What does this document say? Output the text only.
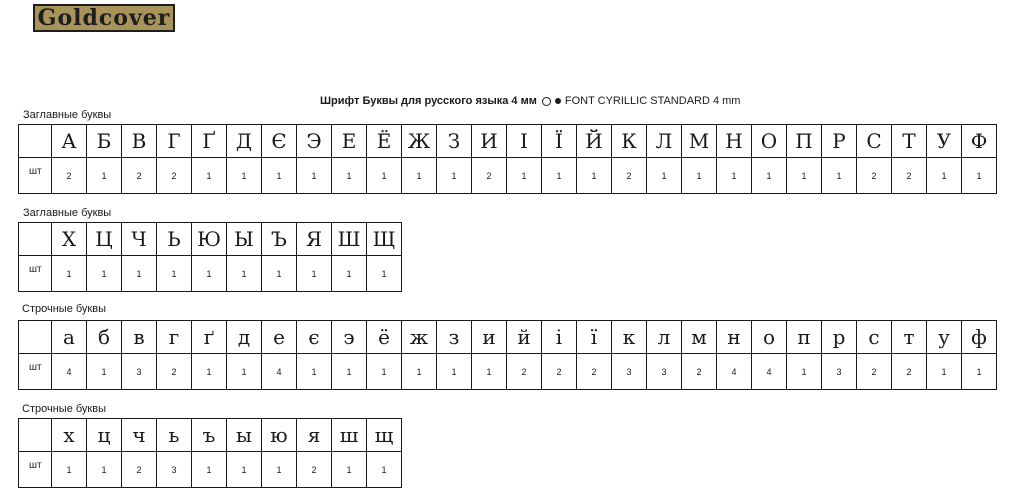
Goldcover
Шрифт Буквы для русского языка 4 мм	FONT CYRILLIC STANDARD 4 mm
Заглавные буквы
	А	Б	В	Г	Ґ	Д	Є	Э	Е	Ё	Ж	З	И	І	Ї	Й	К	Л	М	Н	О	П	Р	С	Т	У	Ф
шт	2	1	2	2	1	1	1	1	1	1	1	1	2	1	1	1	2	1	1	1	1	1	1	2	2	1	1
Заглавные буквы
	Х	Ц	Ч	Ь	Ю	Ы	Ъ	Я	Ш	Щ
шт	1	1	1	1	1	1	1	1	1	1
Строчные буквы
	а	б	в	г	ґ	д	е	є	э	ё	ж	з	и	й	і	ї	к	л	м	н	о	п	р	с	т	у	ф
шт	4	1	3	2	1	1	4	1	1	1	1	1	1	2	2	2	3	3	2	4	4	1	3	2	2	1	1
Строчные буквы
	х	ц	ч	ь	ъ	ы	ю	я	ш	щ
шт	1	1	2	3	1	1	1	2	1	1
